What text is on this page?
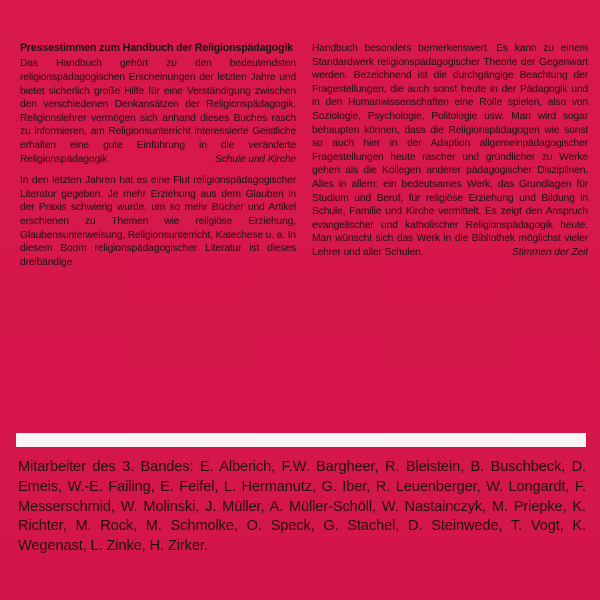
Pressestimmen zum Handbuch der Religionspädagogik
Das Handbuch gehört zu den bedeutendsten religionspädagogischen Erscheinungen der letzten Jahre und bietet sicherlich große Hilfe für eine Verständigung zwischen den verschiedenen Denkansätzen der Religionspädagogik. Religionslehrer vermögen sich anhand dieses Buches rasch zu informieren, am Religionsunterricht interessierte Geistliche erhalten eine gute Einführung in die veränderte Religionspädagogik.	Schule und Kirche
In den letzten Jahren hat es eine Flut religionspädagogischer Literatur gegeben. Je mehr Erziehung aus dem Glauben in der Praxis schwierig wurde, um so mehr Bücher und Artikel erschienen zu Themen wie religiöse Erziehung, Glaubensunterweisung, Religionsunterricht, Katechese u. a. In diesem Boom religionspädagogischer Literatur ist dieses dreibändige
Handbuch besonders bemerkenswert. Es kann zu einem Standardwerk religionspädagogischer Theorie der Gegenwart werden. Bezeichnend ist die durchgängige Beachtung der Fragestellungen, die auch sonst heute in der Pädagogik und in den Humanwissenschaften eine Rolle spielen, also von Soziologie, Psychologie, Politologie usw. Man wird sogar behaupten können, dass die Religionspädagogen wie sonst so auch hier in der Adaption allgemeinpädagogischer Fragestellungen heute rascher und gründlicher zu Werke gehen als die Kollegen anderer pädagogischer Disziplinen. Alles in allem: ein bedeutsames Werk, das Grundlagen für Studium und Beruf, für religiöse Erziehung und Bildung in Schule, Familie und Kirche vermittelt. Es zeigt den Anspruch evangelischer und katholischer Religionspädagogik heute. Man wünscht sich das Werk in die Bibliothek möglichst vieler Lehrer und aller Schulen.	Stimmen der Zeit
Mitarbeiter des 3. Bandes: E. Alberich, F.W. Bargheer, R. Bleistein, B. Buschbeck, D. Emeis, W.-E. Failing, E. Feifel, L. Hermanutz, G. Iber, R. Leuenberger, W. Longardt, F. Messerschmid, W. Molinski, J. Müller, A. Müller-Schöll, W. Nastainczyk, M. Priepke, K. Richter, M. Rock, M. Schmolke, O. Speck, G. Stachel, D. Steinwede, T. Vogt, K. Wegenast, L. Zinke, H. Zirker.
